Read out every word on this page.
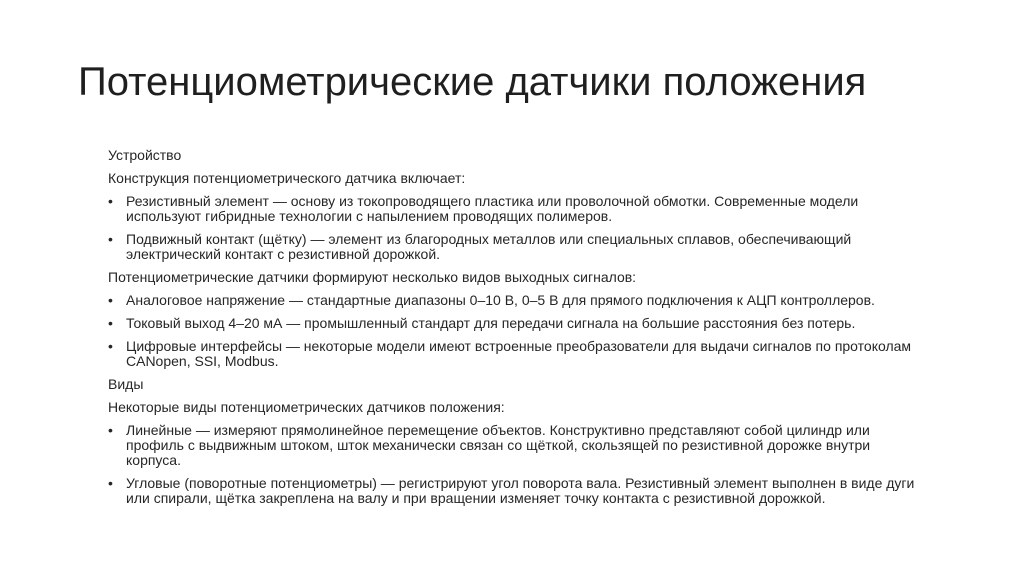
Потенциометрические датчики положения

Устройство

Конструкция потенциометрического датчика включает:

• Резистивный элемент — основу из токопроводящего пластика или проволочной обмотки. Современные модели используют гибридные технологии с напылением проводящих полимеров.
• Подвижный контакт (щётку) — элемент из благородных металлов или специальных сплавов, обеспечивающий электрический контакт с резистивной дорожкой.

Потенциометрические датчики формируют несколько видов выходных сигналов:

• Аналоговое напряжение — стандартные диапазоны 0–10 В, 0–5 В для прямого подключения к АЦП контроллеров.
• Токовый выход 4–20 мА — промышленный стандарт для передачи сигнала на большие расстояния без потерь.
• Цифровые интерфейсы — некоторые модели имеют встроенные преобразователи для выдачи сигналов по протоколам CANopen, SSI, Modbus.

Виды

Некоторые виды потенциометрических датчиков положения:

• Линейные — измеряют прямолинейное перемещение объектов. Конструктивно представляют собой цилиндр или профиль с выдвижным штоком, шток механически связан со щёткой, скользящей по резистивной дорожке внутри корпуса.
• Угловые (поворотные потенциометры) — регистрируют угол поворота вала. Резистивный элемент выполнен в виде дуги или спирали, щётка закреплена на валу и при вращении изменяет точку контакта с резистивной дорожкой.
